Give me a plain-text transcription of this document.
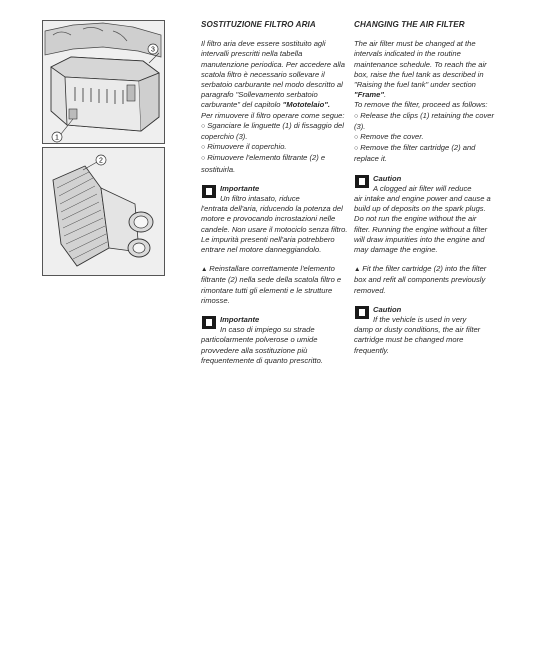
1
3
2
SOSTITUZIONE FILTRO ARIA

Il filtro aria deve essere sostituito agli intervalli prescritti nella tabella manutenzione periodica. Per accedere alla scatola filtro è necessario sollevare il serbatoio carburante nel modo descritto al paragrafo "Sollevamento serbatoio carburante" del capitolo "Mototelaio".
Per rimuovere il filtro operare come segue:

○ Sganciare le linguette (1) di fissaggio del coperchio (3).

○ Rimuovere il coperchio.

○ Rimuovere l'elemento filtrante (2) e sostituirla.

Importante
Un filtro intasato, riduce
l'entrata dell'aria, riducendo la potenza del motore e provocando incrostazioni nelle candele. Non usare il motociclo senza filtro. Le impurità presenti nell'aria potrebbero entrare nel motore danneggiandolo.

▲ Reinstallare correttamente l'elemento filtrante (2) nella sede della scatola filtro e rimontare tutti gli elementi e le strutture rimosse.

Importante
In caso di impiego su strade
particolarmente polverose o umide provvedere alla sostituzione più frequentemente di quanto prescritto.
CHANGING THE AIR FILTER

The air filter must be changed at the intervals indicated in the routine maintenance schedule. To reach the air box, raise the fuel tank as described in "Raising the fuel tank" under section "Frame".
To remove the filter, proceed as follows:

○ Release the clips (1) retaining the cover (3).

○ Remove the cover.

○ Remove the filter cartridge (2) and replace it.

Caution
A clogged air filter will reduce
air intake and engine power and cause a build up of deposits on the spark plugs. Do not run the engine without the air filter. Running the engine without a filter will draw impurities into the engine and may damage the engine.

▲ Fit the filter cartridge (2) into the filter box and refit all components previously removed.

Caution
If the vehicle is used in very
damp or dusty conditions, the air filter cartridge must be changed more frequently.
